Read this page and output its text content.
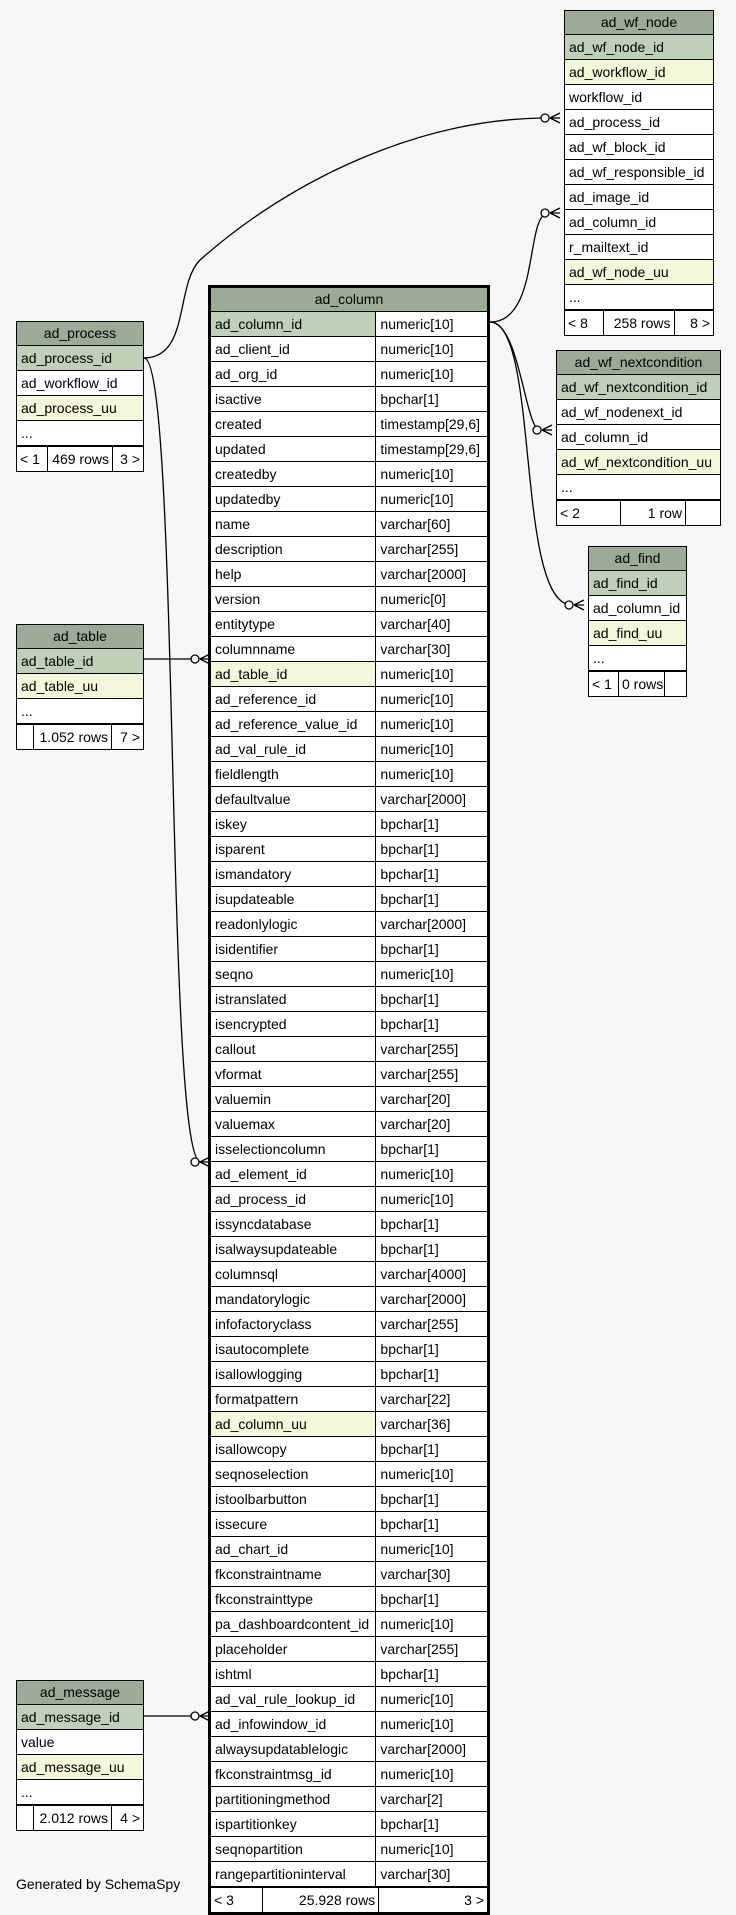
ad_wf_node
ad_wf_node_id
ad_workflow_id
workflow_id
ad_process_id
ad_wf_block_id
ad_wf_responsible_id
ad_image_id
ad_column_id
r_mailtext_id
ad_wf_node_uu
...
< 8	258 rows	8 >
ad_wf_nextcondition
ad_wf_nextcondition_id
ad_wf_nodenext_id
ad_column_id
ad_wf_nextcondition_uu
...
< 2	1 row
ad_find
ad_find_id
ad_column_id
ad_find_uu
...
< 1 0 rows
ad_process
ad_process_id
ad_workflow_id
ad_process_uu
...
< 1 469 rows 3 >
ad_table
ad_table_id
ad_table_uu
...
1.052 rows 7 >
ad_message
ad_message_id
value
ad_message_uu
...
2.012 rows 4 >
ad_column
ad_column_id	numeric[10]
ad_client_id	numeric[10]
ad_org_id	numeric[10]
isactive	bpchar[1]
created	timestamp[29,6]
updated	timestamp[29,6]
createdby	numeric[10]
updatedby	numeric[10]
name	varchar[60]
description	varchar[255]
help	varchar[2000]
version	numeric[0]
entitytype	varchar[40]
columnname	varchar[30]
ad_table_id	numeric[10]
ad_reference_id	numeric[10]
ad_reference_value_id	numeric[10]
ad_val_rule_id	numeric[10]
fieldlength	numeric[10]
defaultvalue	varchar[2000]
iskey	bpchar[1]
isparent	bpchar[1]
ismandatory	bpchar[1]
isupdateable	bpchar[1]
readonlylogic	varchar[2000]
isidentifier	bpchar[1]
seqno	numeric[10]
istranslated	bpchar[1]
isencrypted	bpchar[1]
callout	varchar[255]
vformat	varchar[255]
valuemin	varchar[20]
valuemax	varchar[20]
isselectioncolumn	bpchar[1]
ad_element_id	numeric[10]
ad_process_id	numeric[10]
issyncdatabase	bpchar[1]
isalwaysupdateable	bpchar[1]
columnsql	varchar[4000]
mandatorylogic	varchar[2000]
infofactoryclass	varchar[255]
isautocomplete	bpchar[1]
isallowlogging	bpchar[1]
formatpattern	varchar[22]
ad_column_uu	varchar[36]
isallowcopy	bpchar[1]
seqnoselection	numeric[10]
istoolbarbutton	bpchar[1]
issecure	bpchar[1]
ad_chart_id	numeric[10]
fkconstraintname	varchar[30]
fkconstrainttype	bpchar[1]
pa_dashboardcontent_id numeric[10]
placeholder	varchar[255]
ishtml	bpchar[1]
ad_val_rule_lookup_id	numeric[10]
ad_infowindow_id	numeric[10]
alwaysupdatablelogic	varchar[2000]
fkconstraintmsg_id	numeric[10]
partitioningmethod	varchar[2]
ispartitionkey	bpchar[1]
seqnopartition	numeric[10]
rangepartitioninterval	varchar[30]
< 3	25.928 rows	3 >
Generated by SchemaSpy
